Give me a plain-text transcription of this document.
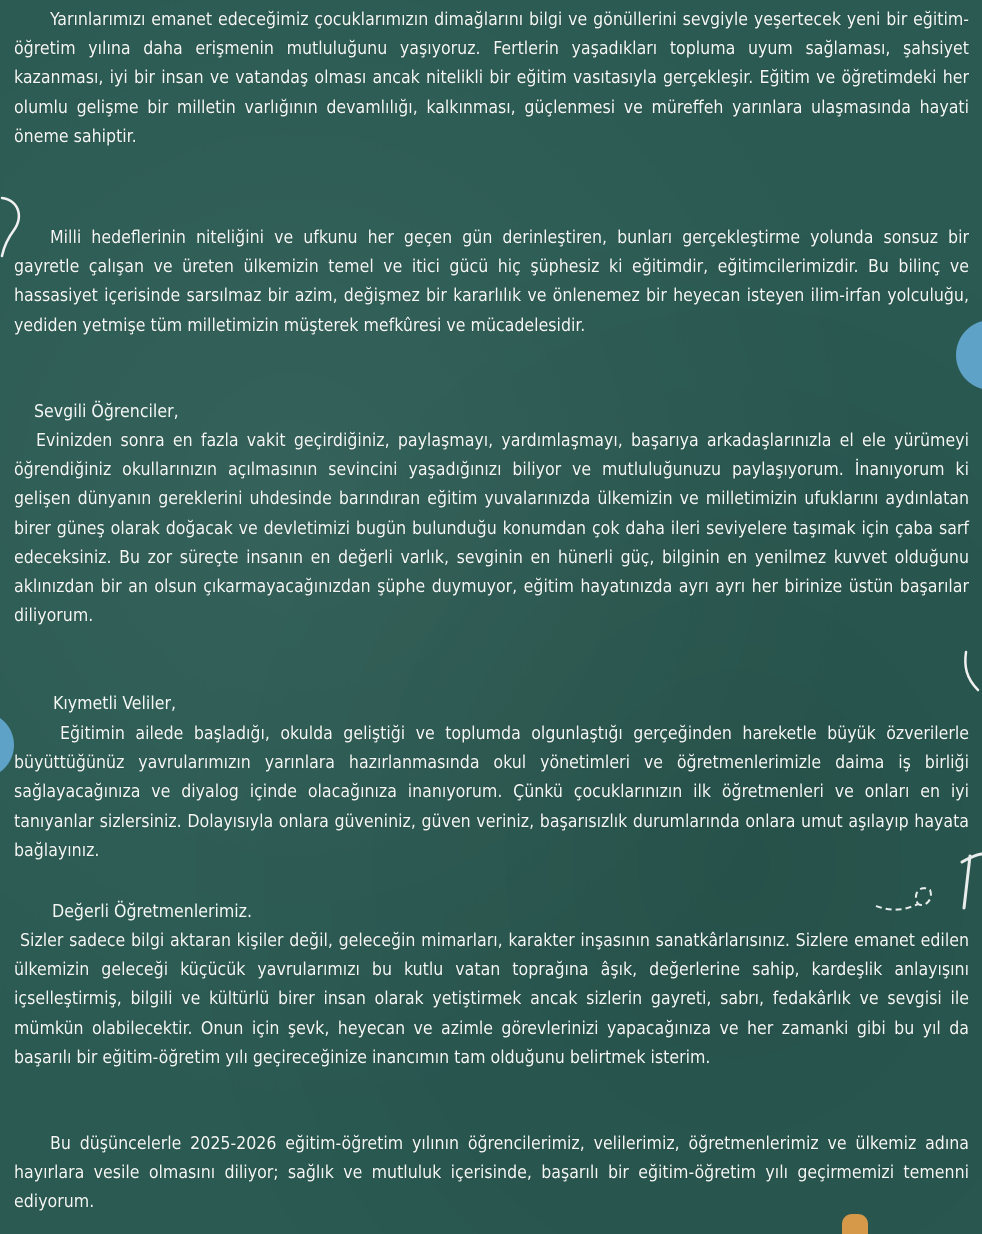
Yarınlarımızı emanet edeceğimiz çocuklarımızın dimağlarını bilgi ve gönüllerini sevgiyle yeşertecek yeni bir eğitim-öğretim yılına daha erişmenin mutluluğunu yaşıyoruz. Fertlerin yaşadıkları topluma uyum sağlaması, şahsiyet kazanması, iyi bir insan ve vatandaş olması ancak nitelikli bir eğitim vasıtasıyla gerçekleşir. Eğitim ve öğretimdeki her olumlu gelişme bir milletin varlığının devamlılığı, kalkınması, güçlenmesi ve müreffeh yarınlara ulaşmasında hayati öneme sahiptir.

Milli hedeflerinin niteliğini ve ufkunu her geçen gün derinleştiren, bunları gerçekleştirme yolunda sonsuz bir gayretle çalışan ve üreten ülkemizin temel ve itici gücü hiç şüphesiz ki eğitimdir, eğitimcilerimizdir. Bu bilinç ve hassasiyet içerisinde sarsılmaz bir azim, değişmez bir kararlılık ve önlenemez bir heyecan isteyen ilim-irfan yolculuğu, yediden yetmişe tüm milletimizin müşterek mefkûresi ve mücadelesidir.

Sevgili Öğrenciler,

Evinizden sonra en fazla vakit geçirdiğiniz, paylaşmayı, yardımlaşmayı, başarıya arkadaşlarınızla el ele yürümeyi öğrendiğiniz okullarınızın açılmasının sevincini yaşadığınızı biliyor ve mutluluğunuzu paylaşıyorum. İnanıyorum ki gelişen dünyanın gereklerini uhdesinde barındıran eğitim yuvalarınızda ülkemizin ve milletimizin ufuklarını aydınlatan birer güneş olarak doğacak ve devletimizi bugün bulunduğu konumdan çok daha ileri seviyelere taşımak için çaba sarf edeceksiniz. Bu zor süreçte insanın en değerli varlık, sevginin en hünerli güç, bilginin en yenilmez kuvvet olduğunu aklınızdan bir an olsun çıkarmayacağınızdan şüphe duymuyor, eğitim hayatınızda ayrı ayrı her birinize üstün başarılar diliyorum.

Kıymetli Veliler,

Eğitimin ailede başladığı, okulda geliştiği ve toplumda olgunlaştığı gerçeğinden hareketle büyük özverilerle büyüttüğünüz yavrularımızın yarınlara hazırlanmasında okul yönetimleri ve öğretmenlerimizle daima iş birliği sağlayacağınıza ve diyalog içinde olacağınıza inanıyorum. Çünkü çocuklarınızın ilk öğretmenleri ve onları en iyi tanıyanlar sizlersiniz. Dolayısıyla onlara güveniniz, güven veriniz, başarısızlık durumlarında onlara umut aşılayıp hayata bağlayınız.

Değerli Öğretmenlerimiz.

Sizler sadece bilgi aktaran kişiler değil, geleceğin mimarları, karakter inşasının sanatkârlarısınız. Sizlere emanet edilen ülkemizin geleceği küçücük yavrularımızı bu kutlu vatan toprağına âşık, değerlerine sahip, kardeşlik anlayışını içselleştirmiş, bilgili ve kültürlü birer insan olarak yetiştirmek ancak sizlerin gayreti, sabrı, fedakârlık ve sevgisi ile mümkün olabilecektir. Onun için şevk, heyecan ve azimle görevlerinizi yapacağınıza ve her zamanki gibi bu yıl da başarılı bir eğitim-öğretim yılı geçireceğinize inancımın tam olduğunu belirtmek isterim.

Bu düşüncelerle 2025-2026 eğitim-öğretim yılının öğrencilerimiz, velilerimiz, öğretmenlerimiz ve ülkemiz adına hayırlara vesile olmasını diliyor; sağlık ve mutluluk içerisinde, başarılı bir eğitim-öğretim yılı geçirmemizi temenni ediyorum.
